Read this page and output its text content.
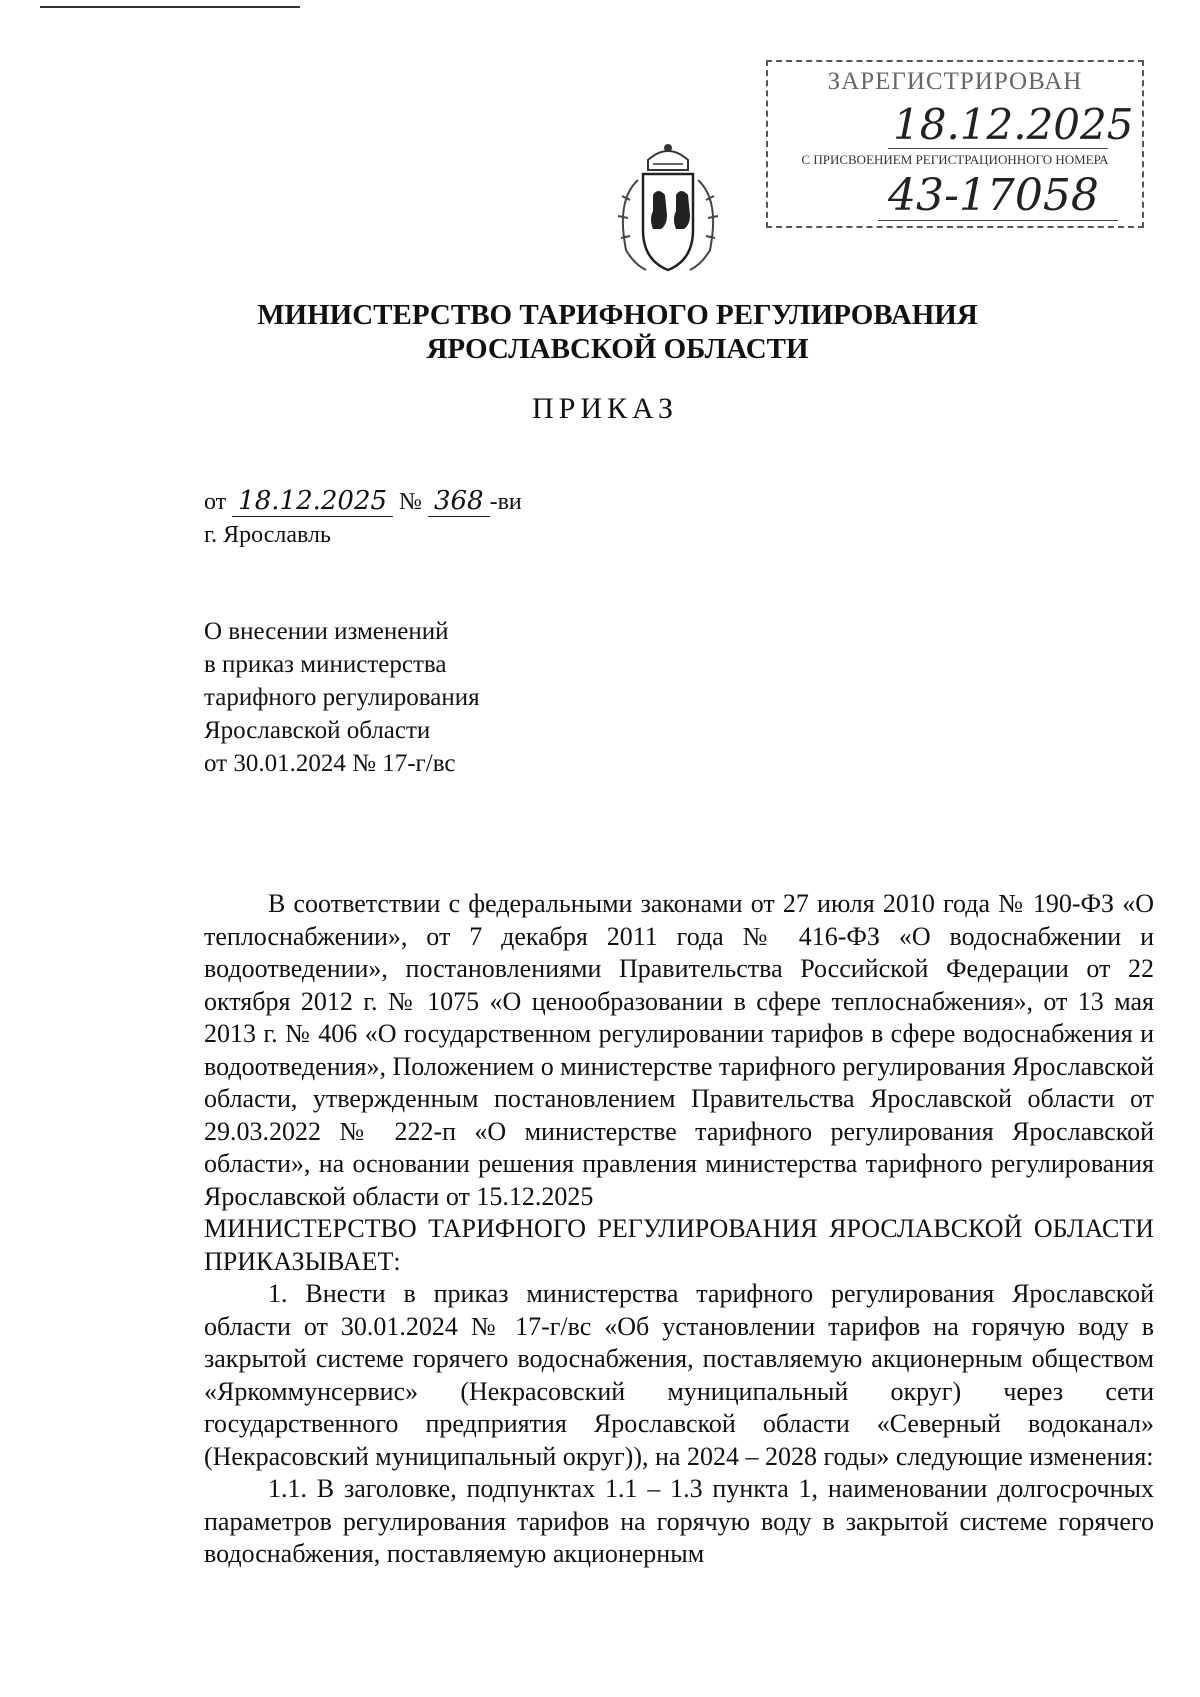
ЗАРЕГИСТРИРОВАН
18.12.2025
С ПРИСВОЕНИЕМ РЕГИСТРАЦИОННОГО НОМЕРА
43-17058
МИНИСТЕРСТВО ТАРИФНОГО РЕГУЛИРОВАНИЯ
ЯРОСЛАВСКОЙ ОБЛАСТИ
ПРИКАЗ
от 18.12.2025 № 368 -ви
г. Ярославль
О внесении изменений
в приказ министерства
тарифного регулирования
Ярославской области
от 30.01.2024 № 17-г/вс

В соответствии с федеральными законами от 27 июля 2010 года № 190-ФЗ «О теплоснабжении», от 7 декабря 2011 года № 416-ФЗ «О водоснабжении и водоотведении», постановлениями Правительства Российской Федерации от 22 октября 2012 г. № 1075 «О ценообразовании в сфере теплоснабжения», от 13 мая 2013 г. № 406 «О государственном регулировании тарифов в сфере водоснабжения и водоотведения», Положением о министерстве тарифного регулирования Ярославской области, утвержденным постановлением Правительства Ярославской области от 29.03.2022 № 222-п «О министерстве тарифного регулирования Ярославской области», на основании решения правления министерства тарифного регулирования Ярославской области от 15.12.2025

МИНИСТЕРСТВО ТАРИФНОГО РЕГУЛИРОВАНИЯ ЯРОСЛАВСКОЙ ОБЛАСТИ ПРИКАЗЫВАЕТ:

1. Внести в приказ министерства тарифного регулирования Ярославской области от 30.01.2024 № 17-г/вс «Об установлении тарифов на горячую воду в закрытой системе горячего водоснабжения, поставляемую акционерным обществом «Яркоммунсервис» (Некрасовский муниципальный округ) через сети государственного предприятия Ярославской области «Северный водоканал» (Некрасовский муниципальный округ)), на 2024 – 2028 годы» следующие изменения:

1.1. В заголовке, подпунктах 1.1 – 1.3 пункта 1, наименовании долгосрочных параметров регулирования тарифов на горячую воду в закрытой системе горячего водоснабжения, поставляемую акционерным
